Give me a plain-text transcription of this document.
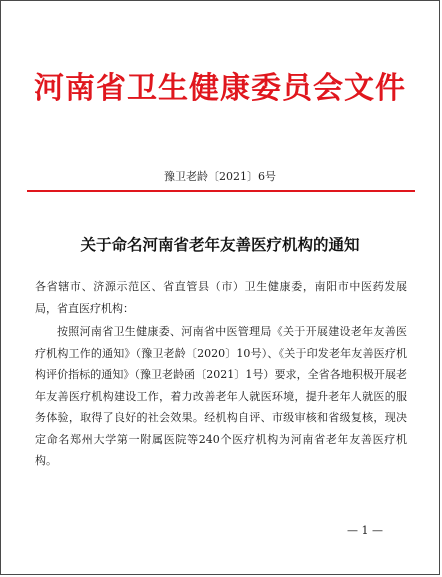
河南省卫生健康委员会文件
豫卫老龄〔2021〕6号
关于命名河南省老年友善医疗机构的通知
各省辖市、济源示范区、省直管县（市）卫生健康委，南阳市中医药发展局，省直医疗机构：
按照河南省卫生健康委、河南省中医管理局《关于开展建设老年友善医疗机构工作的通知》（豫卫老龄〔2020〕10号）、《关于印发老年友善医疗机构评价指标的通知》（豫卫老龄函〔2021〕1号）要求，全省各地积极开展老年友善医疗机构建设工作，着力改善老年人就医环境，提升老年人就医的服务体验，取得了良好的社会效果。经机构自评、市级审核和省级复核，现决定命名郑州大学第一附属医院等240个医疗机构为河南省老年友善医疗机构。
— 1 —
